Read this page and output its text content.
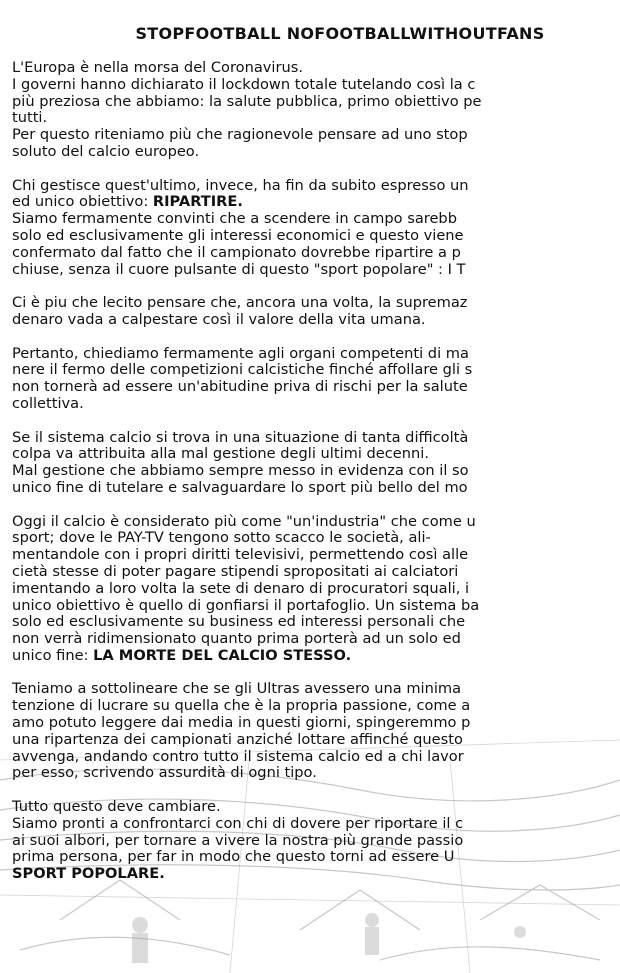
STOPFOOTBALL NOFOOTBALLWITHOUTFANS

L'Europa è nella morsa del Coronavirus.
I governi hanno dichiarato il lockdown totale tutelando così la c
più preziosa che abbiamo: la salute pubblica, primo obiettivo pe
tutti.
Per questo riteniamo più che ragionevole pensare ad uno stop
soluto del calcio europeo.

Chi gestisce quest'ultimo, invece, ha fin da subito espresso un
ed unico obiettivo: RIPARTIRE.
Siamo fermamente convinti che a scendere in campo sarebb
solo ed esclusivamente gli interessi economici e questo viene
confermato dal fatto che il campionato dovrebbe ripartire a p
chiuse, senza il cuore pulsante di questo "sport popolare" : I T

Ci è piu che lecito pensare che, ancora una volta, la supremaz
denaro vada a calpestare così il valore della vita umana.

Pertanto, chiediamo fermamente agli organi competenti di ma
nere il fermo delle competizioni calcistiche finché affollare gli s
non tornerà ad essere un'abitudine priva di rischi per la salute
collettiva.

Se il sistema calcio si trova in una situazione di tanta difficoltà
colpa va attribuita alla mal gestione degli ultimi decenni.
Mal gestione che abbiamo sempre messo in evidenza con il so
unico fine di tutelare e salvaguardare lo sport più bello del mo

Oggi il calcio è considerato più come "un'industria" che come u
sport; dove le PAY-TV tengono sotto scacco le società, ali-
mentandole con i propri diritti televisivi, permettendo così alle
cietà stesse di poter pagare stipendi spropositati ai calciatori
imentando a loro volta la sete di denaro di procuratori squali, i
unico obiettivo è quello di gonfiarsi il portafoglio. Un sistema ba
solo ed esclusivamente su business ed interessi personali che
non verrà ridimensionato quanto prima porterà ad un solo ed
unico fine: LA MORTE DEL CALCIO STESSO.

Teniamo a sottolineare che se gli Ultras avessero una minima
tenzione di lucrare su quella che è la propria passione, come a
amo potuto leggere dai media in questi giorni, spingeremmo p
una ripartenza dei campionati anziché lottare affinché questo
avvenga, andando contro tutto il sistema calcio ed a chi lavor
per esso, scrivendo assurdità di ogni tipo.

Tutto questo deve cambiare.
Siamo pronti a confrontarci con chi di dovere per riportare il c
ai suoi albori, per tornare a vivere la nostra più grande passio
prima persona, per far in modo che questo torni ad essere U
SPORT POPOLARE.
